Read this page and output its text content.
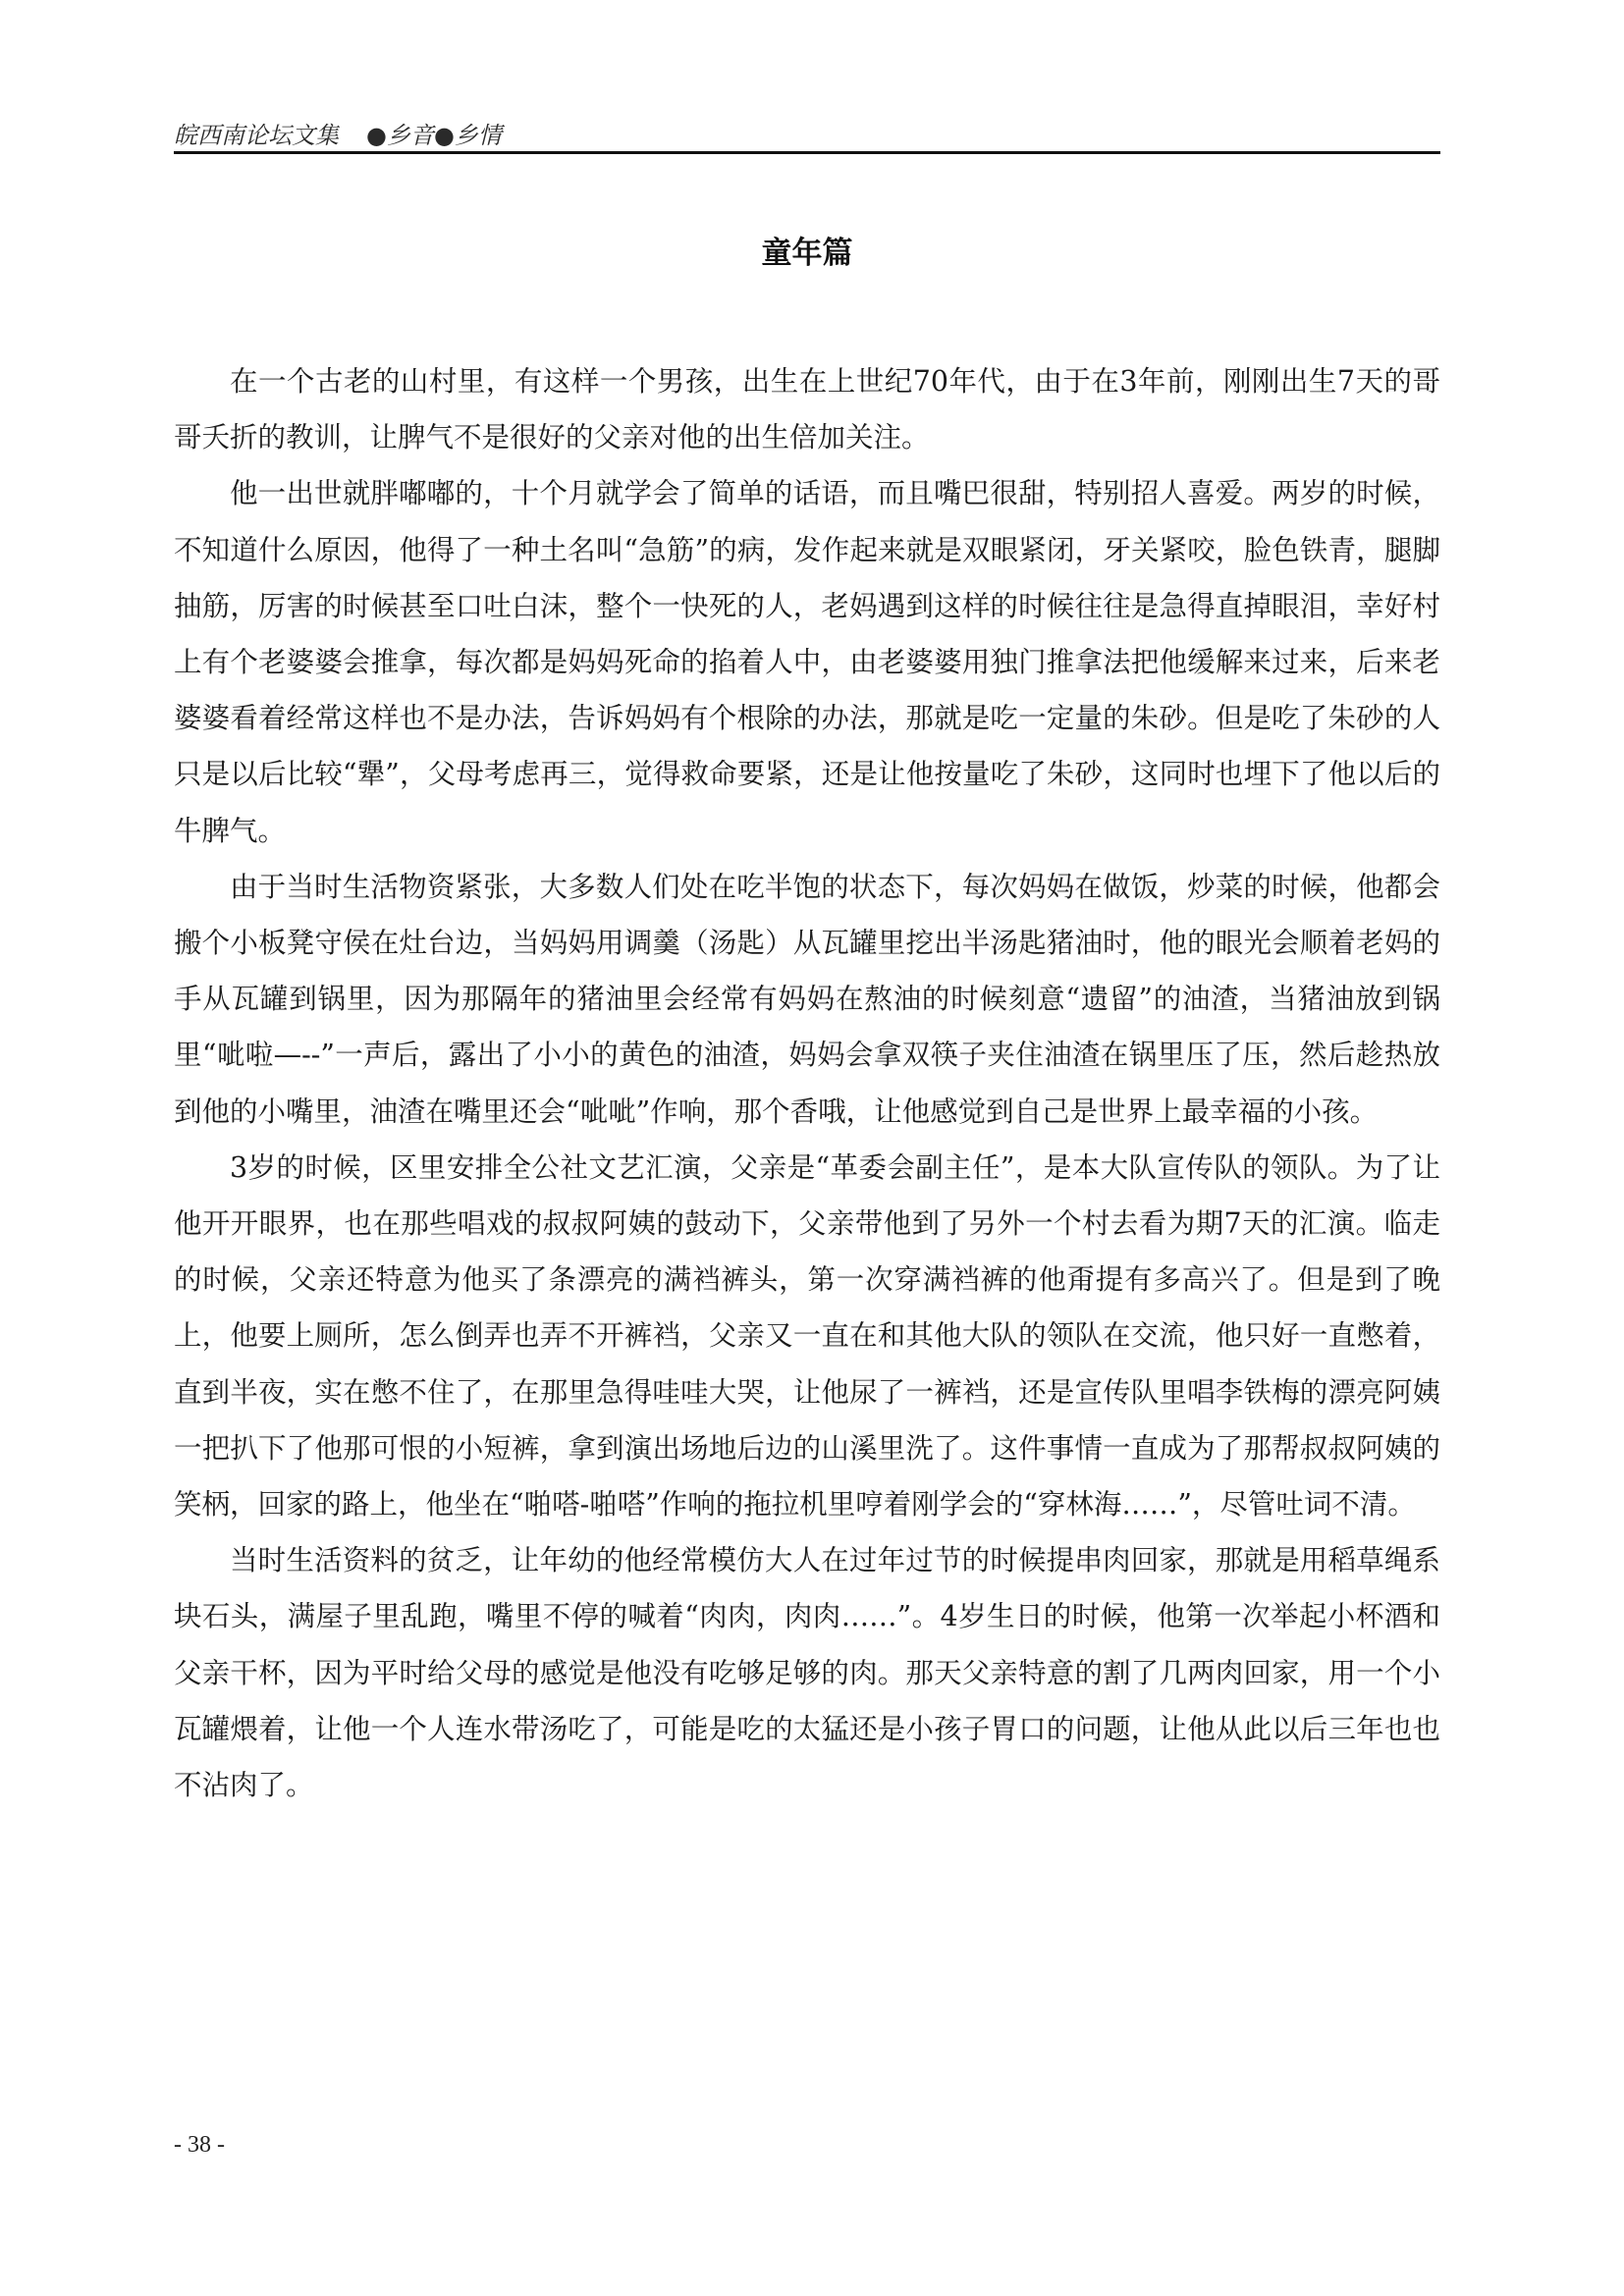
皖西南论坛文集 ●乡音●乡情
童年篇

在一个古老的山村里，有这样一个男孩，出生在上世纪70年代，由于在3年前，刚刚出生7天的哥哥夭折的教训，让脾气不是很好的父亲对他的出生倍加关注。

他一出世就胖嘟嘟的，十个月就学会了简单的话语，而且嘴巴很甜，特别招人喜爱。两岁的时候，不知道什么原因，他得了一种土名叫“急筋”的病，发作起来就是双眼紧闭，牙关紧咬，脸色铁青，腿脚抽筋，厉害的时候甚至口吐白沫，整个一快死的人，老妈遇到这样的时候往往是急得直掉眼泪，幸好村上有个老婆婆会推拿，每次都是妈妈死命的掐着人中，由老婆婆用独门推拿法把他缓解来过来，后来老婆婆看着经常这样也不是办法，告诉妈妈有个根除的办法，那就是吃一定量的朱砂。但是吃了朱砂的人只是以后比较“犟”，父母考虑再三，觉得救命要紧，还是让他按量吃了朱砂，这同时也埋下了他以后的牛脾气。

由于当时生活物资紧张，大多数人们处在吃半饱的状态下，每次妈妈在做饭，炒菜的时候，他都会搬个小板凳守侯在灶台边，当妈妈用调羹（汤匙）从瓦罐里挖出半汤匙猪油时，他的眼光会顺着老妈的手从瓦罐到锅里，因为那隔年的猪油里会经常有妈妈在熬油的时候刻意“遗留”的油渣，当猪油放到锅里“呲啦—--”一声后，露出了小小的黄色的油渣，妈妈会拿双筷子夹住油渣在锅里压了压，然后趁热放到他的小嘴里，油渣在嘴里还会“呲呲”作响，那个香哦，让他感觉到自己是世界上最幸福的小孩。

3岁的时候，区里安排全公社文艺汇演，父亲是“革委会副主任”，是本大队宣传队的领队。为了让他开开眼界，也在那些唱戏的叔叔阿姨的鼓动下，父亲带他到了另外一个村去看为期7天的汇演。临走的时候，父亲还特意为他买了条漂亮的满裆裤头，第一次穿满裆裤的他甭提有多高兴了。但是到了晚上，他要上厕所，怎么倒弄也弄不开裤裆，父亲又一直在和其他大队的领队在交流，他只好一直憋着，直到半夜，实在憋不住了，在那里急得哇哇大哭，让他尿了一裤裆，还是宣传队里唱李铁梅的漂亮阿姨一把扒下了他那可恨的小短裤，拿到演出场地后边的山溪里洗了。这件事情一直成为了那帮叔叔阿姨的笑柄，回家的路上，他坐在“啪嗒-啪嗒”作响的拖拉机里哼着刚学会的“穿林海……”，尽管吐词不清。

当时生活资料的贫乏，让年幼的他经常模仿大人在过年过节的时候提串肉回家，那就是用稻草绳系块石头，满屋子里乱跑，嘴里不停的喊着“肉肉，肉肉……”。4岁生日的时候，他第一次举起小杯酒和父亲干杯，因为平时给父母的感觉是他没有吃够足够的肉。那天父亲特意的割了几两肉回家，用一个小瓦罐煨着，让他一个人连水带汤吃了，可能是吃的太猛还是小孩子胃口的问题，让他从此以后三年也也不沾肉了。

- 38 -
